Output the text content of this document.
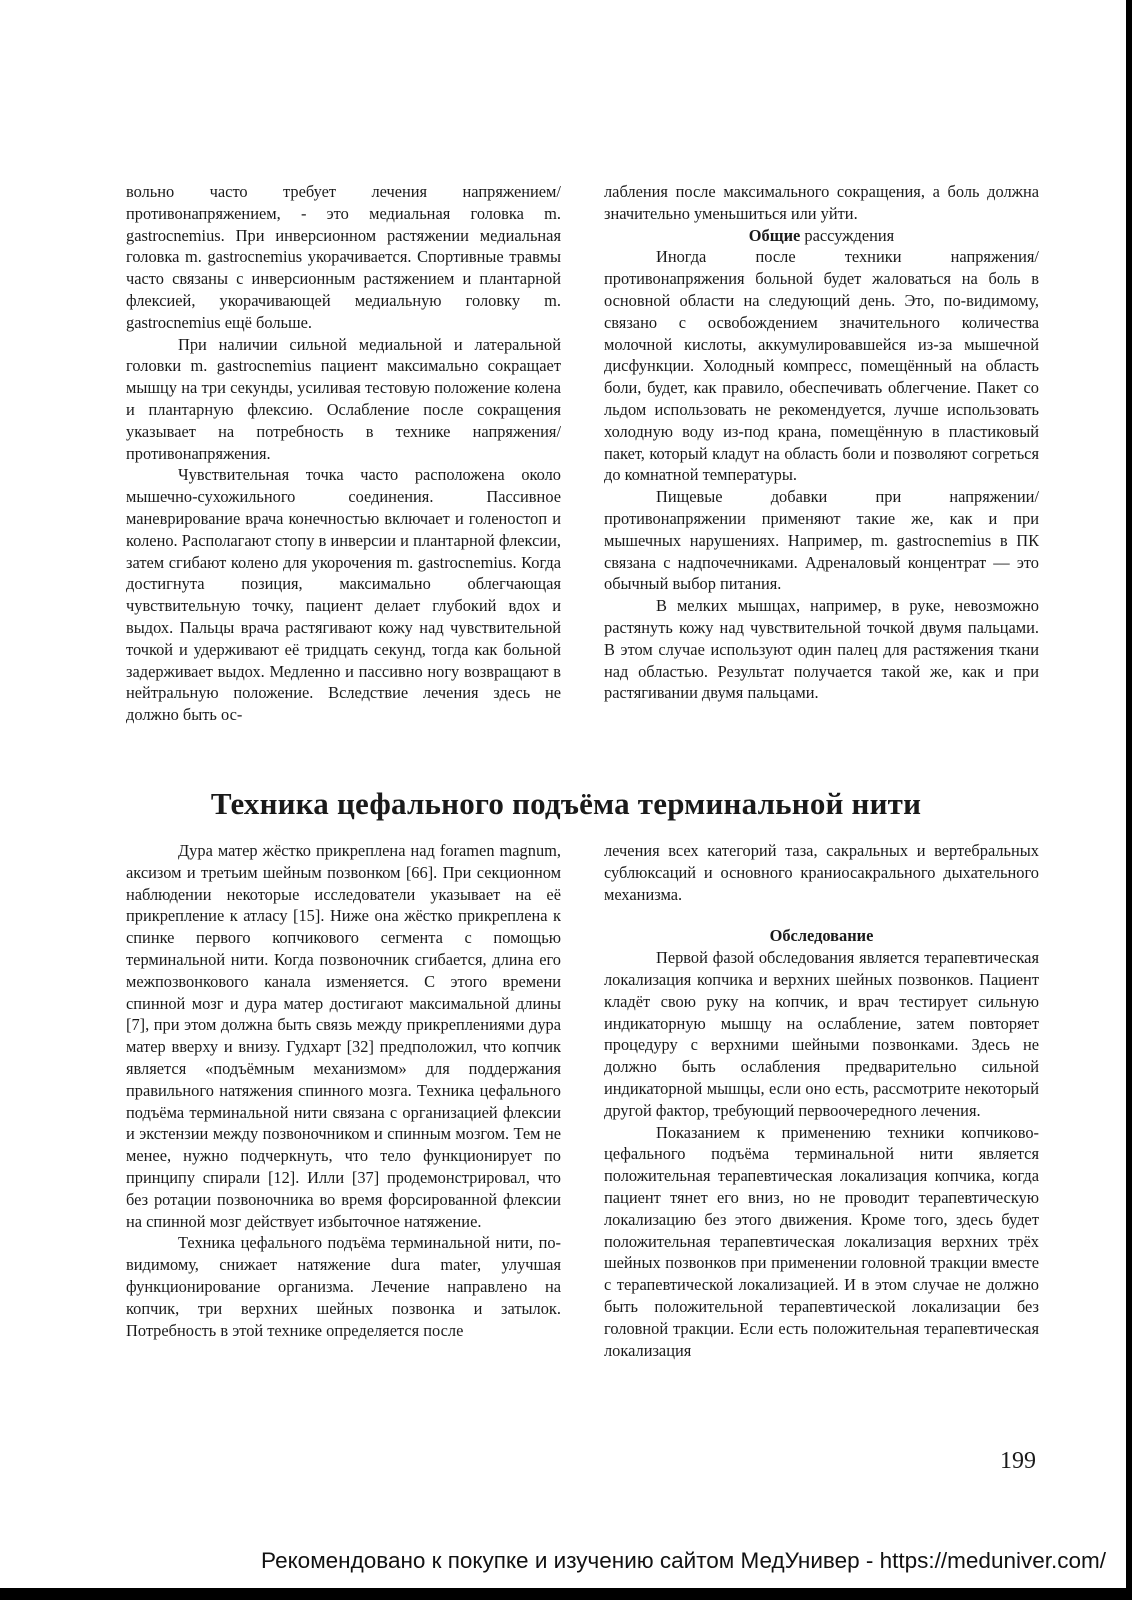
вольно часто требует лечения напряжением/противонапряжением, - это медиальная головка m. gastrocnemius. При инверсионном растяжении медиальная головка m. gastrocnemius укорачивается. Спортивные травмы часто связаны с инверсионным растяжением и плантарной флексией, укорачивающей медиальную головку m. gastrocnemius ещё больше.

При наличии сильной медиальной и латеральной головки m. gastrocnemius пациент максимально сокращает мышцу на три секунды, усиливая тестовую положение колена и плантарную флексию. Ослабление после сокращения указывает на потребность в технике напряжения/противонапряжения.

Чувствительная точка часто расположена около мышечно-сухожильного соединения. Пассивное маневрирование врача конечностью включает и голеностоп и колено. Располагают стопу в инверсии и плантарной флексии, затем сгибают колено для укорочения m. gastrocnemius. Когда достигнута позиция, максимально облегчающая чувствительную точку, пациент делает глубокий вдох и выдох. Пальцы врача растягивают кожу над чувствительной точкой и удерживают её тридцать секунд, тогда как больной задерживает выдох. Медленно и пассивно ногу возвращают в нейтральную положение. Вследствие лечения здесь не должно быть ос-

лабления после максимального сокращения, а боль должна значительно уменьшиться или уйти.

Общие рассуждения

Иногда после техники напряжения/противонапряжения больной будет жаловаться на боль в основной области на следующий день. Это, по-видимому, связано с освобождением значительного количества молочной кислоты, аккумулировавшейся из-за мышечной дисфункции. Холодный компресс, помещённый на область боли, будет, как правило, обеспечивать облегчение. Пакет со льдом использовать не рекомендуется, лучше использовать холодную воду из-под крана, помещённую в пластиковый пакет, который кладут на область боли и позволяют согреться до комнатной температуры.

Пищевые добавки при напряжении/противонапряжении применяют такие же, как и при мышечных нарушениях. Например, m. gastrocnemius в ПК связана с надпочечниками. Адреналовый концентрат — это обычный выбор питания.

В мелких мышцах, например, в руке, невозможно растянуть кожу над чувствительной точкой двумя пальцами. В этом случае используют один палец для растяжения ткани над областью. Результат получается такой же, как и при растягивании двумя пальцами.

Техника цефального подъёма терминальной нити

Дура матер жёстко прикреплена над foramen magnum, аксизом и третьим шейным позвонком [66]. При секционном наблюдении некоторые исследователи указывает на её прикрепление к атласу [15]. Ниже она жёстко прикреплена к спинке первого копчикового сегмента с помощью терминальной нити. Когда позвоночник сгибается, длина его межпозвонкового канала изменяется. С этого времени спинной мозг и дура матер достигают максимальной длины [7], при этом должна быть связь между прикреплениями дура матер вверху и внизу. Гудхарт [32] предположил, что копчик является «подъёмным механизмом» для поддержания правильного натяжения спинного мозга. Техника цефального подъёма терминальной нити связана с организацией флексии и экстензии между позвоночником и спинным мозгом. Тем не менее, нужно подчеркнуть, что тело функционирует по принципу спирали [12]. Илли [37] продемонстрировал, что без ротации позвоночника во время форсированной флексии на спинной мозг действует избыточное натяжение.

Техника цефального подъёма терминальной нити, по-видимому, снижает натяжение dura mater, улучшая функционирование организма. Лечение направлено на копчик, три верхних шейных позвонка и затылок. Потребность в этой технике определяется после

лечения всех категорий таза, сакральных и вертебральных сублюксаций и основного краниосакрального дыхательного механизма.

Обследование

Первой фазой обследования является терапевтическая локализация копчика и верхних шейных позвонков. Пациент кладёт свою руку на копчик, и врач тестирует сильную индикаторную мышцу на ослабление, затем повторяет процедуру с верхними шейными позвонками. Здесь не должно быть ослабления предварительно сильной индикаторной мышцы, если оно есть, рассмотрите некоторый другой фактор, требующий первоочередного лечения.

Показанием к применению техники копчиково-цефального подъёма терминальной нити является положительная терапевтическая локализация копчика, когда пациент тянет его вниз, но не проводит терапевтическую локализацию без этого движения. Кроме того, здесь будет положительная терапевтическая локализация верхних трёх шейных позвонков при применении головной тракции вместе с терапевтической локализацией. И в этом случае не должно быть положительной терапевтической локализации без головной тракции. Если есть положительная терапевтическая локализация

199
Рекомендовано к покупке и изучению сайтом МедУнивер - https://meduniver.com/
